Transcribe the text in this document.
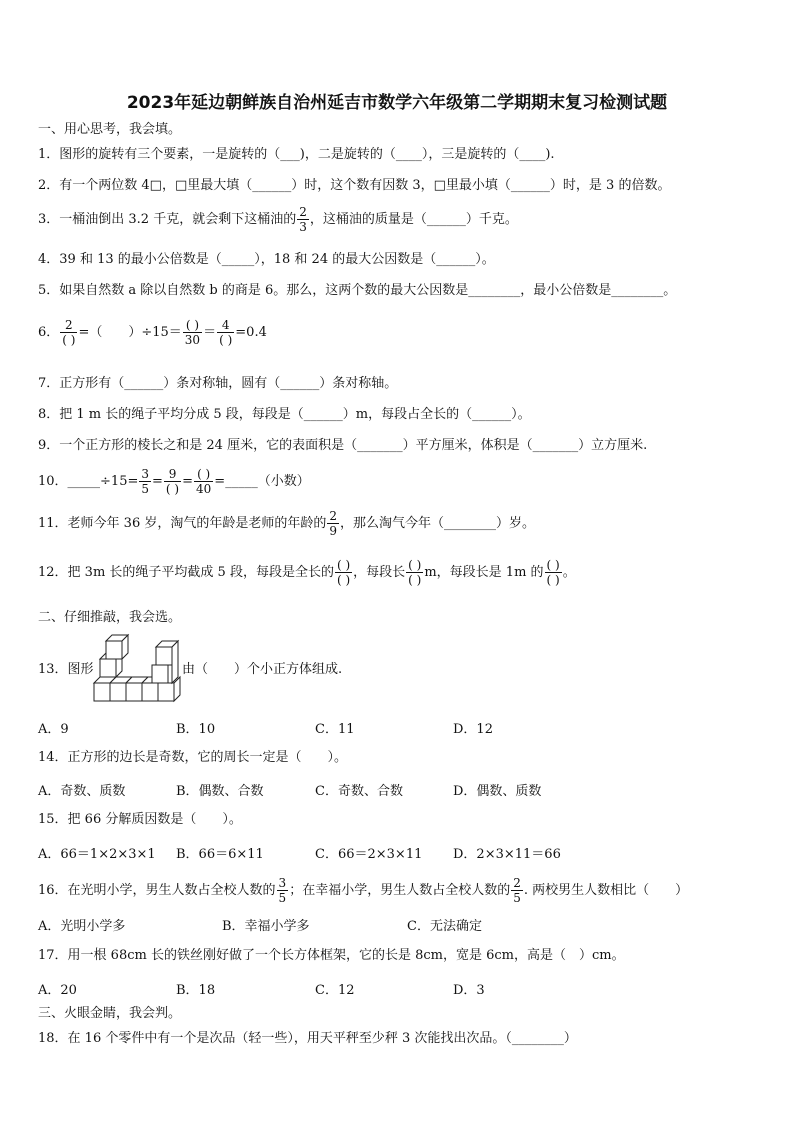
2023年延边朝鲜族自治州延吉市数学六年级第二学期期末复习检测试题
一、用心思考，我会填。
1．图形的旋转有三个要素，一是旋转的（___)，二是旋转的（____），三是旋转的（____).
2．有一个两位数 4□，□里最大填（______）时，这个数有因数 3，□里最小填（______）时，是 3 的倍数。
3．一桶油倒出 3.2 千克，就会剩下这桶油的 $\frac{2}{3}$ ，这桶油的质量是（______）千克。
4．39 和 13 的最小公倍数是（_____），18 和 24 的最大公因数是（______）。
5．如果自然数 a 除以自然数 b 的商是 6。那么，这两个数的最大公因数是________，最小公倍数是________。
6． $\frac{2}{( )}$ =（　　）$\div 15= \frac{( )}{30} = \frac{4}{( )} =0.4$
7．正方形有（______）条对称轴，圆有（______）条对称轴。
8．把 1 m 长的绳子平均分成 5 段，每段是（______）m，每段占全长的（______）。
9．一个正方形的棱长之和是 24 厘米，它的表面积是（_______）平方厘米，体积是（_______）立方厘米.
10．_____÷15= $\frac{3}{5} = \frac{9}{( )} = \frac{( )}{40}$ =_____（小数）
11．老师今年 36 岁，淘气的年龄是老师的年龄的 $\frac{2}{9}$ ，那么淘气今年（________）岁。
12．把 3m 长的绳子平均截成 5 段，每段是全长的 $\frac{( )}{( )}$ ，每段长 $\frac{( )}{( )}$ m，每段长是 1m 的 $\frac{( )}{( )}$ 。
二、仔细推敲，我会选。
13．图形	由（　　）个小正方体组成.
A．9	B．10	C．11	D．12
14．正方形的边长是奇数，它的周长一定是（　　）。
A．奇数、质数	B．偶数、合数	C．奇数、合数	D．偶数、质数
15．把 66 分解质因数是（　　）。
A．66＝1×2×3×1 B．66＝6×11	C．66＝2×3×11 D．2×3×11＝66
16．在光明小学，男生人数占全校人数的 $\frac{3}{5}$ ；在幸福小学，男生人数占全校人数的 $\frac{2}{5}$ . 两校男生人数相比（　　）
A．光明小学多	B．幸福小学多	C．无法确定
17．用一根 68cm 长的铁丝刚好做了一个长方体框架，它的长是 8cm，宽是 6cm，高是（　）cm。
A．20	B．18	C．12	D．3
三、火眼金睛，我会判。
18．在 16 个零件中有一个是次品（轻一些），用天平秤至少秤 3 次能找出次品。（________）
